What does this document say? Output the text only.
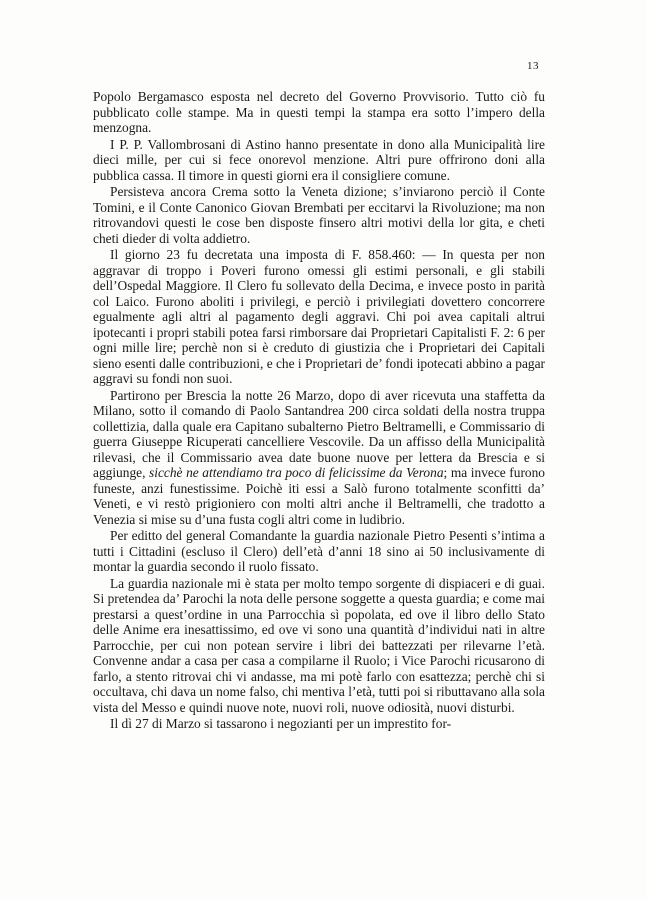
13

Popolo Bergamasco esposta nel decreto del Governo Provvisorio. Tutto ciò fu pubblicato colle stampe. Ma in questi tempi la stampa era sotto l’impero della menzogna.

I P. P. Vallombrosani di Astino hanno presentate in dono alla Municipalità lire dieci mille, per cui si fece onorevol menzione. Altri pure offrirono doni alla pubblica cassa. Il timore in questi giorni era il consigliere comune.

Persisteva ancora Crema sotto la Veneta dizione; s’inviarono perciò il Conte Tomini, e il Conte Canonico Giovan Brembati per eccitarvi la Rivoluzione; ma non ritrovandovi questi le cose ben disposte finsero altri motivi della lor gita, e cheti cheti dieder di volta addietro.

Il giorno 23 fu decretata una imposta di F. 858.460: — In questa per non aggravar di troppo i Poveri furono omessi gli estimi personali, e gli stabili dell’Ospedal Maggiore. Il Clero fu sollevato della Decima, e invece posto in parità col Laico. Furono aboliti i privilegi, e perciò i privilegiati dovettero concorrere egualmente agli altri al pagamento degli aggravi. Chi poi avea capitali altrui ipotecanti i propri stabili potea farsi rimborsare dai Proprietari Capitalisti F. 2: 6 per ogni mille lire; perchè non si è creduto di giustizia che i Proprietari dei Capitali sieno esenti dalle contribuzioni, e che i Proprietari de’ fondi ipotecati abbino a pagar aggravi su fondi non suoi.

Partirono per Brescia la notte 26 Marzo, dopo di aver ricevuta una staffetta da Milano, sotto il comando di Paolo Santandrea 200 circa soldati della nostra truppa collettizia, dalla quale era Capitano subalterno Pietro Beltramelli, e Commissario di guerra Giuseppe Ricuperati cancelliere Vescovile. Da un affisso della Municipalità rilevasi, che il Commissario avea date buone nuove per lettera da Brescia e si aggiunge, sicchè ne attendiamo tra poco di felicissime da Verona; ma invece furono funeste, anzi funestissime. Poichè iti essi a Salò furono totalmente sconfitti da’ Veneti, e vi restò prigioniero con molti altri anche il Beltramelli, che tradotto a Venezia si mise su d’una fusta cogli altri come in ludibrio.

Per editto del general Comandante la guardia nazionale Pietro Pesenti s’intima a tutti i Cittadini (escluso il Clero) dell’età d’anni 18 sino ai 50 inclusivamente di montar la guardia secondo il ruolo fissato.

La guardia nazionale mi è stata per molto tempo sorgente di dispiaceri e di guai. Si pretendea da’ Parochi la nota delle persone soggette a questa guardia; e come mai prestarsi a quest’ordine in una Parrocchia sì popolata, ed ove il libro dello Stato delle Anime era inesattissimo, ed ove vi sono una quantità d’individui nati in altre Parrocchie, per cui non potean servire i libri dei battezzati per rilevarne l’età. Convenne andar a casa per casa a compilarne il Ruolo; i Vice Parochi ricusarono di farlo, a stento ritrovai chi vi andasse, ma mi potè farlo con esattezza; perchè chi si occultava, chi dava un nome falso, chi mentiva l’età, tutti poi si ributtavano alla sola vista del Messo e quindi nuove note, nuovi roli, nuove odiosità, nuovi disturbi.

Il dì 27 di Marzo si tassarono i negozianti per un imprestito for-
